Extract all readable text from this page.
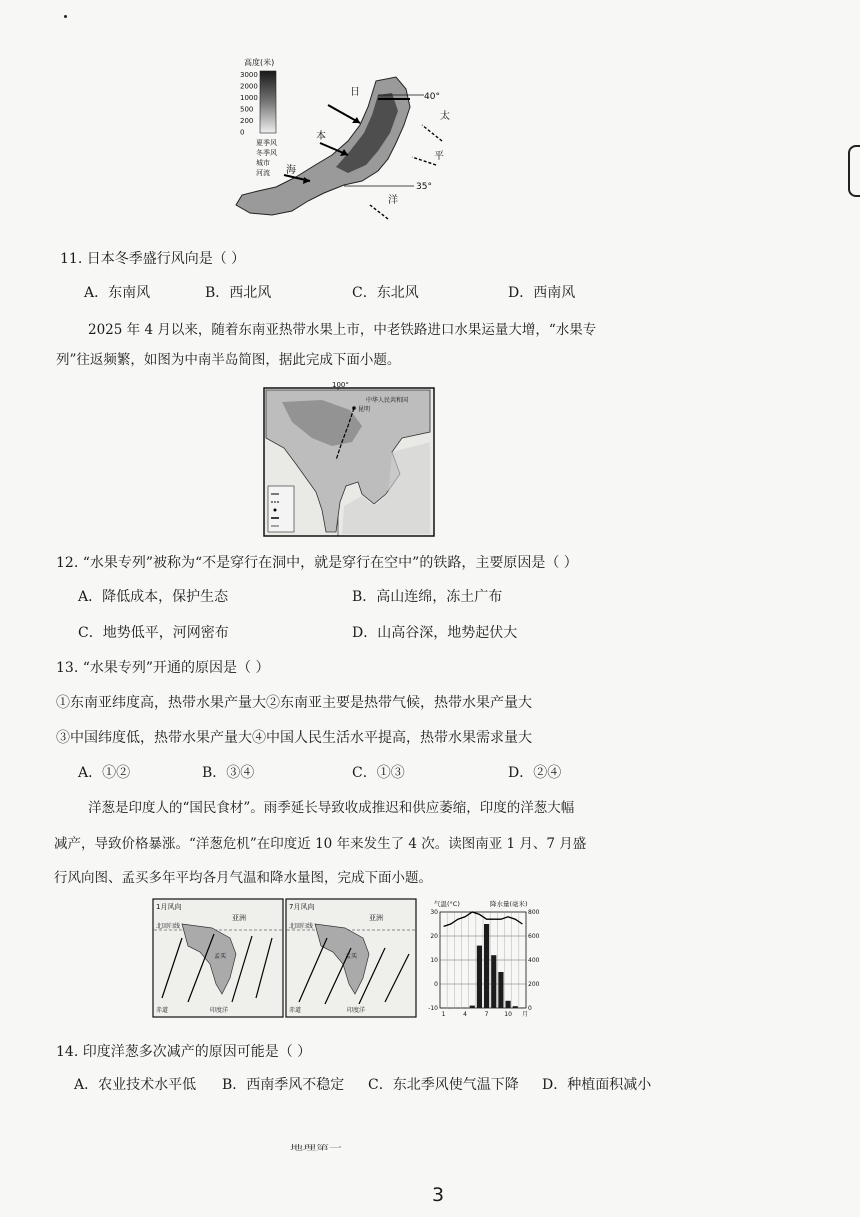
高度(米)
3000
2000
1000
500
200
0
夏季风
冬季风
城市
河流
40°
35°
日
本
海
太
平
洋
11. 日本冬季盛行风向是（ ）
A．东南风	B．西北风	C．东北风	D．西南风
2025 年 4 月以来，随着东南亚热带水果上市，中老铁路进口水果运量大增，“水果专
列”往返频繁，如图为中南半岛简图，据此完成下面小题。
100°
中华人民共和国
昆明
12. “水果专列”被称为“不是穿行在洞中，就是穿行在空中”的铁路，主要原因是（ ）
A．降低成本，保护生态	B．高山连绵，冻土广布
C．地势低平，河网密布	D．山高谷深，地势起伏大
13. “水果专列”开通的原因是（ ）
①东南亚纬度高，热带水果产量大②东南亚主要是热带气候，热带水果产量大
③中国纬度低，热带水果产量大④中国人民生活水平提高，热带水果需求量大
A．①②	B．③④	C．①③	D．②④
洋葱是印度人的“国民食材”。雨季延长导致收成推迟和供应萎缩，印度的洋葱大幅
减产，导致价格暴涨。“洋葱危机”在印度近 10 年来发生了 4 次。读图南亚 1 月、7 月盛
行风向图、孟买多年平均各月气温和降水量图，完成下面小题。
1月风向
亚洲
北回归线
孟买
赤道	印度洋
7月风向
亚洲
北回归线
孟买
赤道	印度洋
气温(°C)	降水量(毫米)
30
20
10
0
-10
800
600
400
200
0
1	4	7	10 月
14. 印度洋葱多次减产的原因可能是（ ）
A．农业技术水平低 B．西南季风不稳定 C．东北季风使气温下降 D．种植面积减小
地理第一
3
